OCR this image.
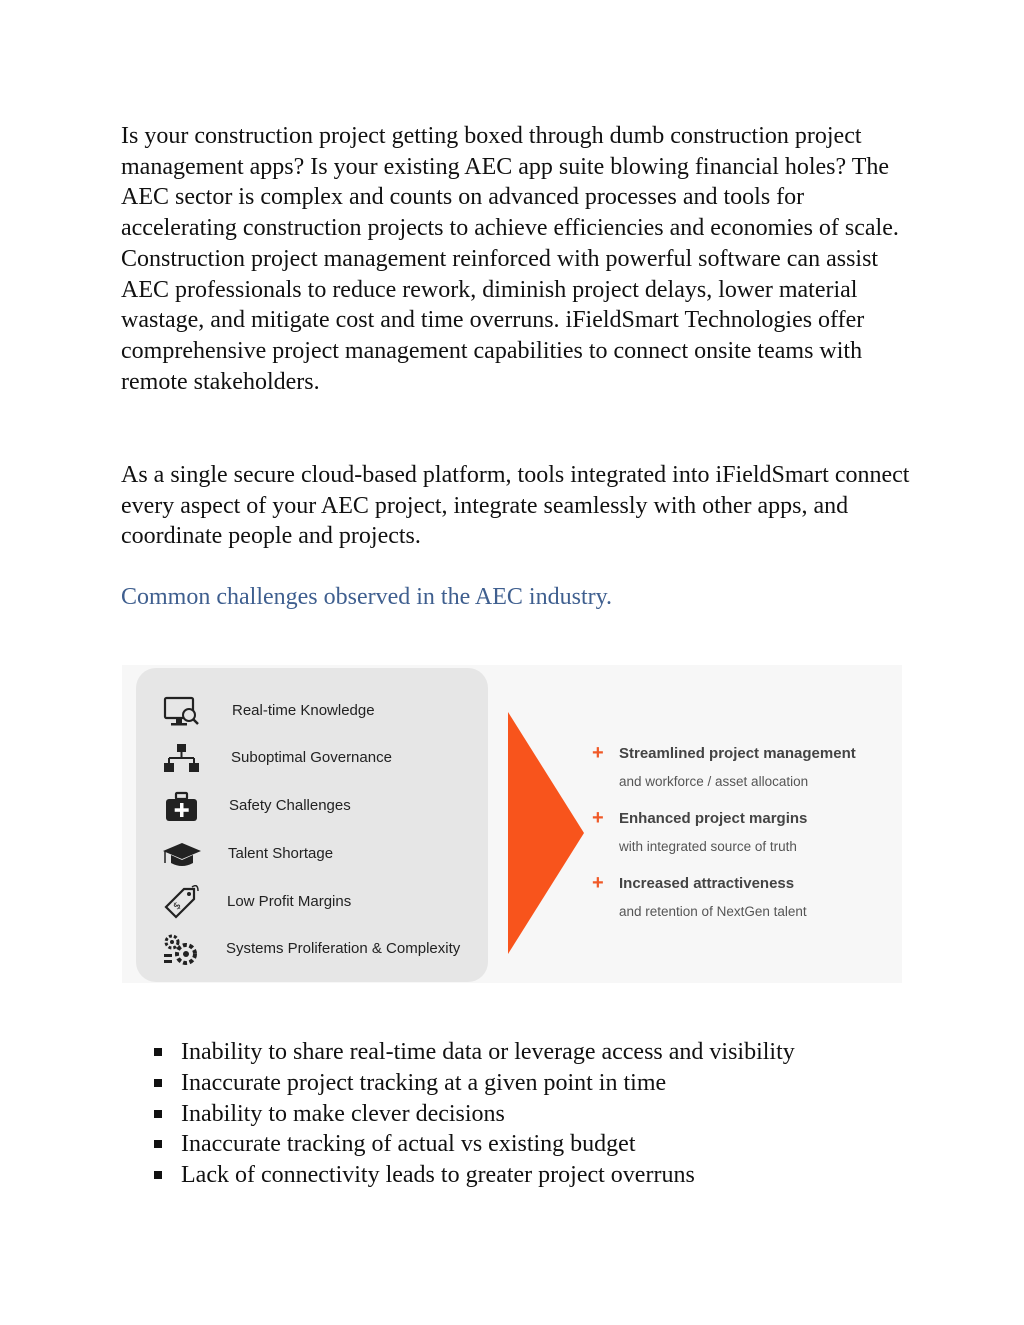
Is your construction project getting boxed through dumb construction project management apps? Is your existing AEC app suite blowing financial holes? The AEC sector is complex and counts on advanced processes and tools for accelerating construction projects to achieve efficiencies and economies of scale. Construction project management reinforced with powerful software can assist AEC professionals to reduce rework, diminish project delays, lower material wastage, and mitigate cost and time overruns. iFieldSmart Technologies offer comprehensive project management capabilities to connect onsite teams with remote stakeholders.

As a single secure cloud-based platform, tools integrated into iFieldSmart connect every aspect of your AEC project, integrate seamlessly with other apps, and coordinate people and projects.

Common challenges observed in the AEC industry.
Real-time Knowledge
Suboptimal Governance
Safety Challenges
Talent Shortage
$	Low Profit Margins
Systems Proliferation & Complexity
+ Streamlined project management
and workforce / asset allocation
+ Enhanced project margins
with integrated source of truth
+ Increased attractiveness
and retention of NextGen talent
Inability to share real-time data or leverage access and visibility
Inaccurate project tracking at a given point in time
Inability to make clever decisions
Inaccurate tracking of actual vs existing budget
Lack of connectivity leads to greater project overruns
